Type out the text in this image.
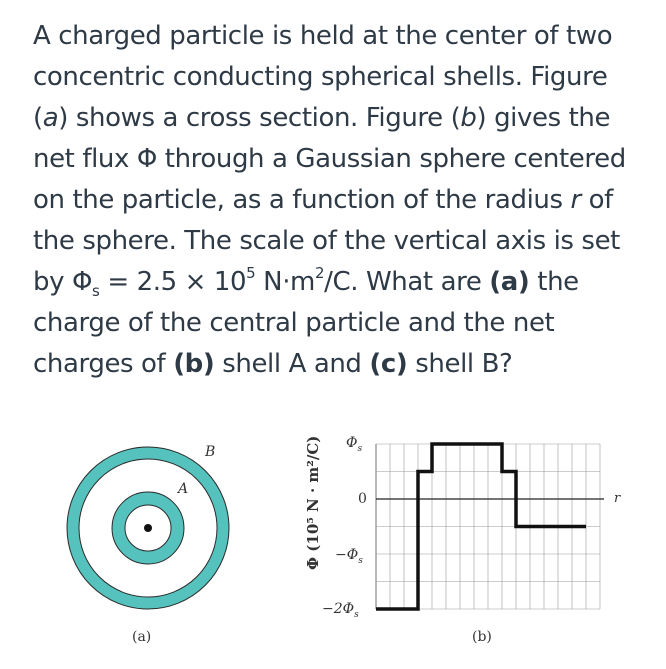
A charged particle is held at the center of two
concentric conducting spherical shells. Figure
(a) shows a cross section. Figure (b) gives the
net flux Φ through a Gaussian sphere centered
on the particle, as a function of the radius r of
the sphere. The scale of the vertical axis is set
by $\Phi_s = 2.5 \times 10^5$ $N\cdot m^2/C$. What are (a) the
charge of the central particle and the net
charges of (b) shell A and (c) shell B?
B
A
(a)
Φ (10⁵ N · m²/C) $\Phi_s$
0
$-\Phi_s$
$-2\Phi_s$
r
(b)
